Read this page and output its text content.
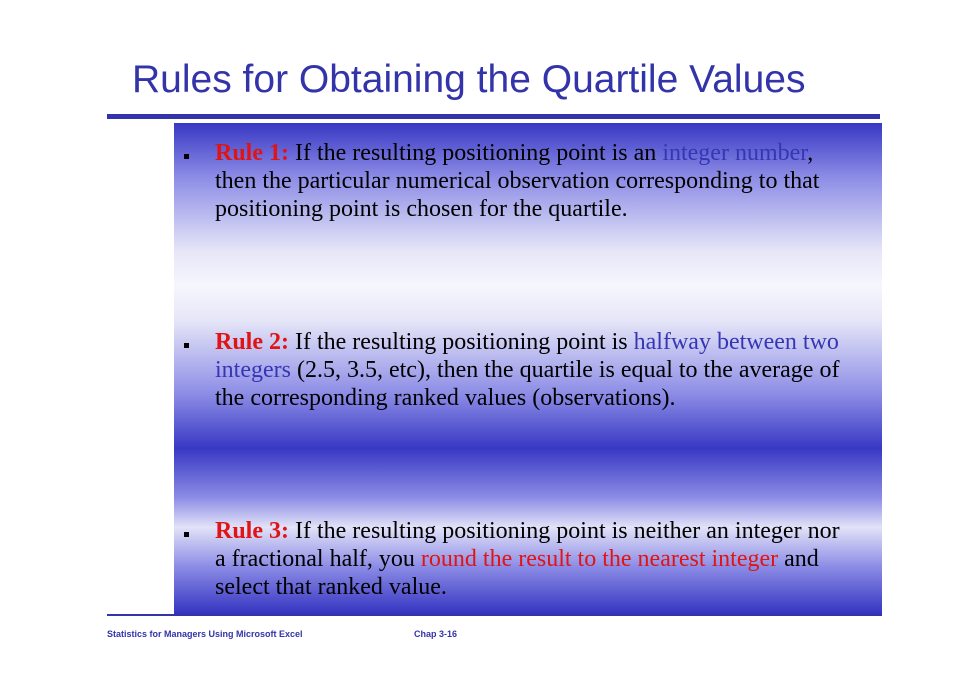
Rules for Obtaining the Quartile Values
Rule 1: If the resulting positioning point is an integer number, then the particular numerical observation corresponding to that positioning point is chosen for the quartile.
Rule 2: If the resulting positioning point is halfway between two integers (2.5, 3.5, etc), then the quartile is equal to the average of the corresponding ranked values (observations).
Rule 3: If the resulting positioning point is neither an integer nor a fractional half, you round the result to the nearest integer and select that ranked value.
Statistics for Managers Using Microsoft Excel	Chap 3-16
